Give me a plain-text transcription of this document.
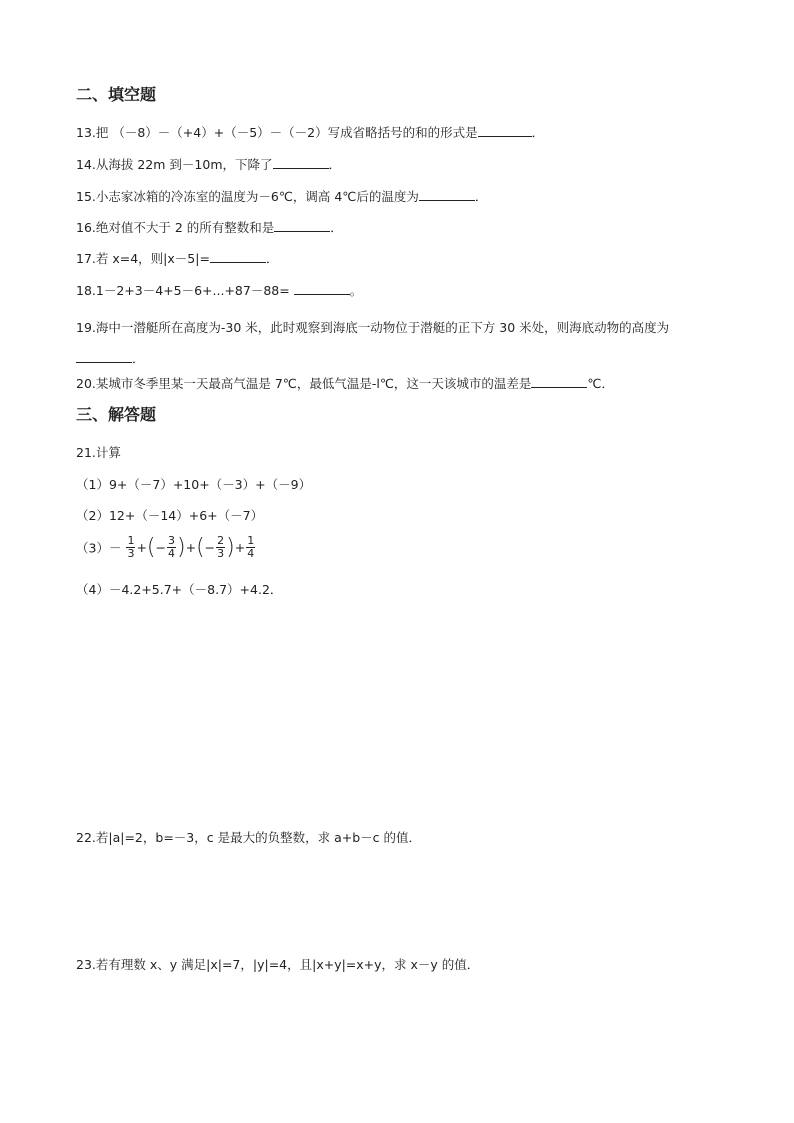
二、填空题
13.把 （－8）－（+4）+（－5）－（－2）写成省略括号的和的形式是	．
14.从海拔 22m 到－10m，下降了	．
15.小志家冰箱的冷冻室的温度为－6℃，调高 4℃后的温度为	．
16.绝对值不大于 2 的所有整数和是	．
17.若 x=4，则|x－5|=	．
18.1－2+3－4+5－6+...+87－88=	。
19.海中一潜艇所在高度为-30 米，此时观察到海底一动物位于潜艇的正下方 30 米处，则海底动物的高度为
．
20.某城市冬季里某一天最高气温是 7℃，最低气温是-l℃，这一天该城市的温差是	℃．
三、解答题
21.计算
（1）9+（－7）+10+（－3）+（－9）
（2）12+（－14）+6+（－7）
$(3)- \frac{1}{3}$ +(− $\frac{3}{4}$ )+(− $\frac{2}{3}$ )+ $\frac{1}{4}$
（4）－4.2+5.7+（－8.7）+4.2．
22.若|a|=2，b=－3，c 是最大的负整数，求 a+b－c 的值．
23.若有理数 x、y 满足|x|=7，|y|=4，且|x+y|=x+y，求 x－y 的值．
